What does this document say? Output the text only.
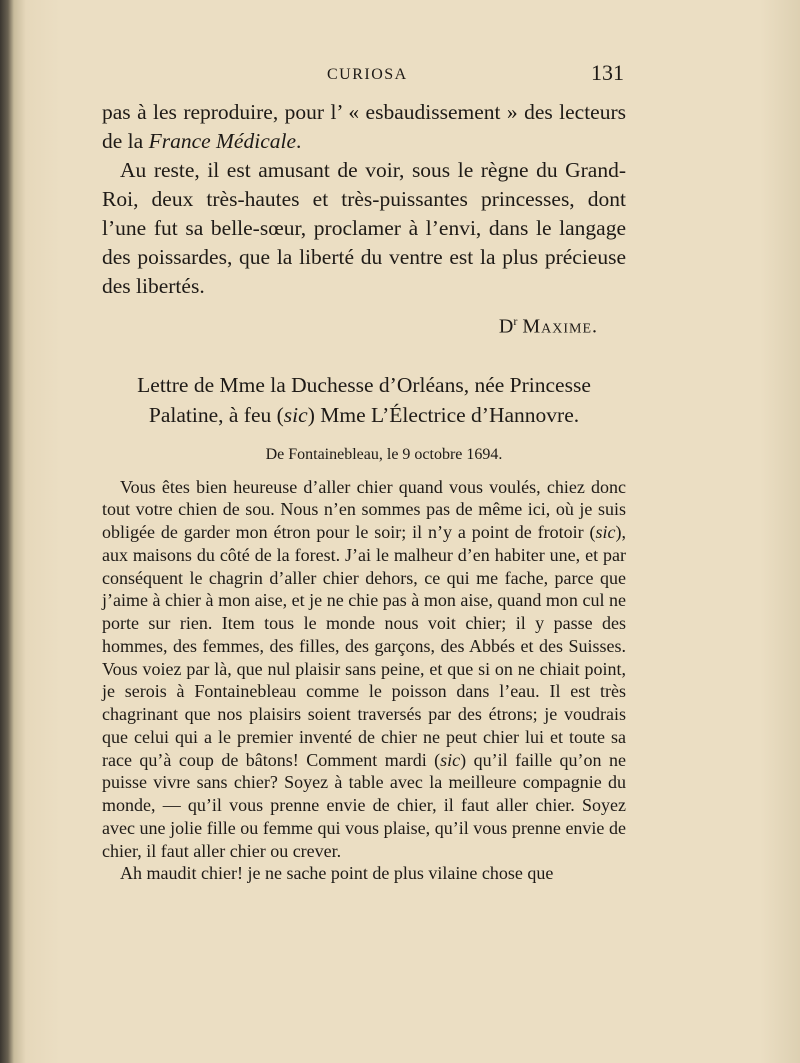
CURIOSA	131

pas à les reproduire, pour l’ « esbaudissement » des lecteurs de la France Médicale.

Au reste, il est amusant de voir, sous le règne du Grand-Roi, deux très-hautes et très-puissantes princesses, dont l’une fut sa belle-sœur, proclamer à l’envi, dans le langage des poissardes, que la liberté du ventre est la plus précieuse des libertés.

$D^r$ Maxime.

Lettre de Mme la Duchesse d’Orléans, née Princesse
Palatine, à feu (sic) Mme L’Électrice d’Hannovre.

De Fontainebleau, le 9 octobre 1694.

Vous êtes bien heureuse d’aller chier quand vous voulés, chiez donc tout votre chien de sou. Nous n’en sommes pas de même ici, où je suis obligée de garder mon étron pour le soir; il n’y a point de frotoir (sic), aux maisons du côté de la forest. J’ai le malheur d’en habiter une, et par conséquent le chagrin d’aller chier dehors, ce qui me fache, parce que j’aime à chier à mon aise, et je ne chie pas à mon aise, quand mon cul ne porte sur rien. Item tous le monde nous voit chier; il y passe des hommes, des femmes, des filles, des garçons, des Abbés et des Suisses. Vous voiez par là, que nul plaisir sans peine, et que si on ne chiait point, je serois à Fontainebleau comme le poisson dans l’eau. Il est très chagrinant que nos plaisirs soient traversés par des étrons; je voudrais que celui qui a le premier inventé de chier ne peut chier lui et toute sa race qu’à coup de bâtons! Comment mardi (sic) qu’il faille qu’on ne puisse vivre sans chier? Soyez à table avec la meilleure compagnie du monde, — qu’il vous prenne envie de chier, il faut aller chier. Soyez avec une jolie fille ou femme qui vous plaise, qu’il vous prenne envie de chier, il faut aller chier ou crever.

Ah maudit chier! je ne sache point de plus vilaine chose que
